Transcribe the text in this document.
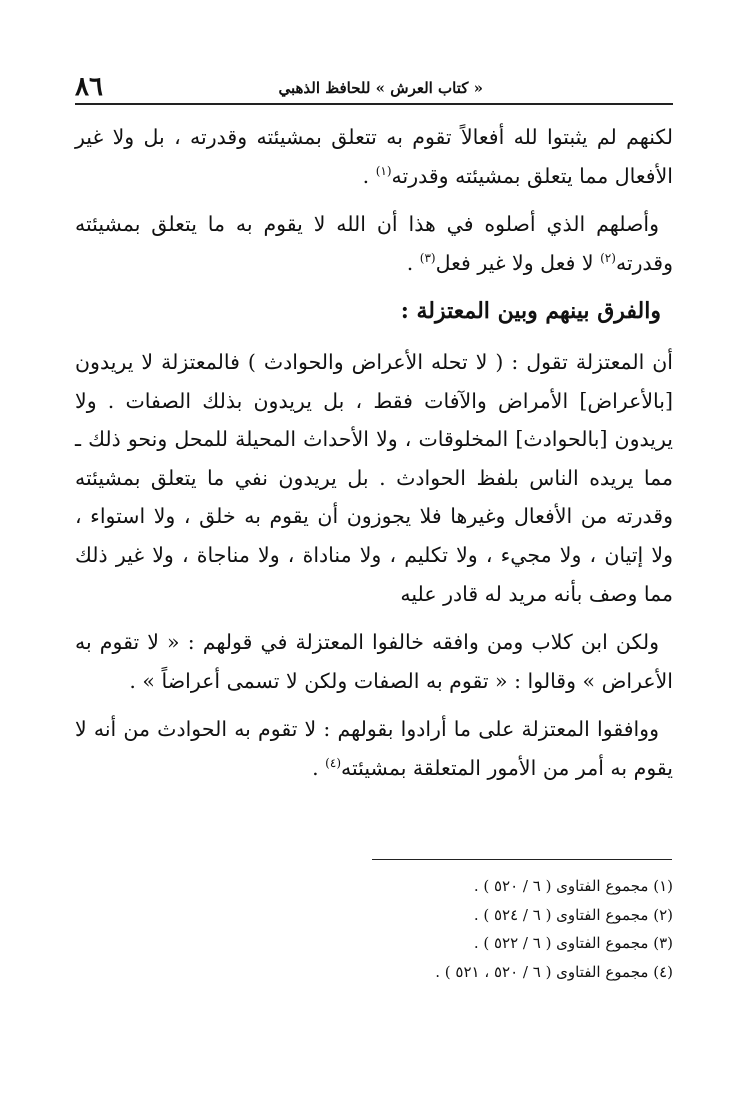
٨٦	« كتاب العرش » للحافظ الذهبي

لكنهم لم يثبتوا لله أفعالاً تقوم به تتعلق بمشيئته وقدرته ، بل ولا غير الأفعال مما يتعلق بمشيئته وقدرته$^{(١)}$ .

وأصلهم الذي أصلوه في هذا أن الله لا يقوم به ما يتعلق بمشيئته وقدرته$^{(٢)}$ لا فعل ولا غير فعل$^{(٣)}$ .

والفرق بينهم وبين المعتزلة :

أن المعتزلة تقول : ( لا تحله الأعراض والحوادث ) فالمعتزلة لا يريدون [بالأعراض] الأمراض والآفات فقط ، بل يريدون بذلك الصفات . ولا يريدون [بالحوادث] المخلوقات ، ولا الأحداث المحيلة للمحل ونحو ذلك ـ مما يريده الناس بلفظ الحوادث . بل يريدون نفي ما يتعلق بمشيئته وقدرته من الأفعال وغيرها فلا يجوزون أن يقوم به خلق ، ولا استواء ، ولا إتيان ، ولا مجيء ، ولا تكليم ، ولا مناداة ، ولا مناجاة ، ولا غير ذلك مما وصف بأنه مريد له قادر عليه

ولكن ابن كلاب ومن وافقه خالفوا المعتزلة في قولهم : « لا تقوم به الأعراض » وقالوا : « تقوم به الصفات ولكن لا تسمى أعراضاً » .

ووافقوا المعتزلة على ما أرادوا بقولهم : لا تقوم به الحوادث من أنه لا يقوم به أمر من الأمور المتعلقة بمشيئته$^{(٤)}$ .

(١) مجموع الفتاوى ( ٦ / ٥٢٠ ) .
(٢) مجموع الفتاوى ( ٦ / ٥٢٤ ) .
(٣) مجموع الفتاوى ( ٦ / ٥٢٢ ) .
(٤) مجموع الفتاوى ( ٦ / ٥٢٠ ، ٥٢١ ) .
